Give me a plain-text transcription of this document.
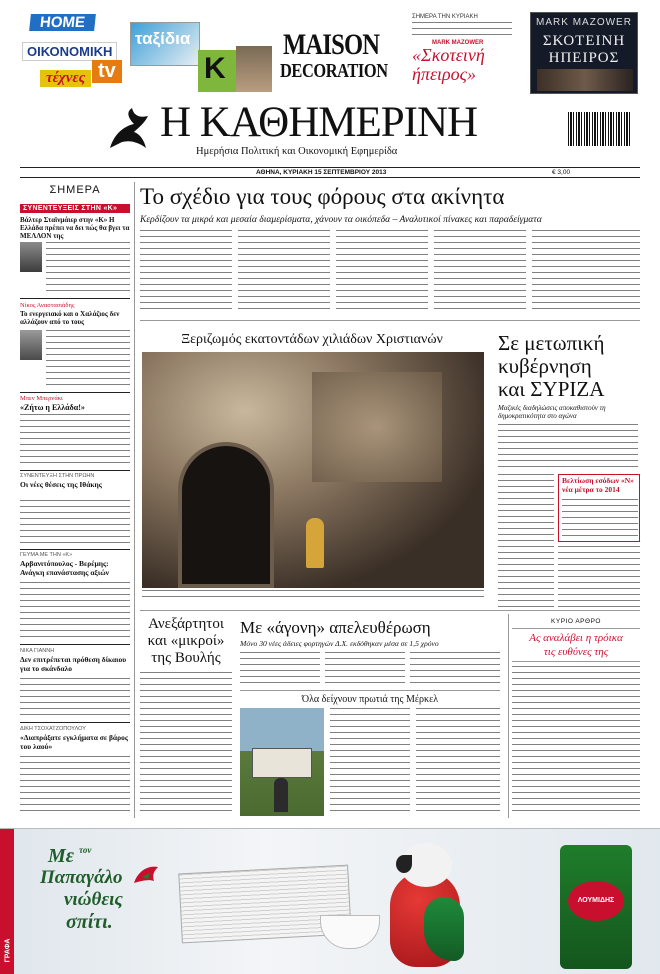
HOME
ΟΙΚΟΝΟΜΙΚΗ
τέχνες tv
ταξίδια
K
MAISON
DECORATION
ΣΗΜΕΡΑ ΤΗΝ ΚΥΡΙΑΚΗ
MARK MAZOWER
«Σκοτεινή ήπειρος»
MARK MAZOWER
ΣΚΟΤΕΙΝΗ
ΗΠΕΙΡΟΣ
Η ΚΑΘΗΜΕΡΙΝΗ
Ημερήσια Πολιτική και Οικονομική Εφημερίδα
ΑΘΗΝΑ, ΚΥΡΙΑΚΗ 15 ΣΕΠΤΕΜΒΡΙΟΥ 2013	€ 3,00
ΣΗΜΕΡΑ
ΣΥΝΕΝΤΕΥΞΕΙΣ ΣΤΗΝ «Κ»
Βάλτερ Σταϊνμάιερ στην «Κ» Η Ελλάδα πρέπει να δει πώς θα βγει τα ΜΕΛΛΟΝ της
Νίκος Αναστασιάδης
Το ενεργειακό και ο Χαλάζιος δεν αλλάζουν από το τους
Μπεν Μπερνάκι
«Ζήτω η Ελλάδα!»
ΣΥΝΕΝΤΕΥΞΗ ΣΤΗΝ ΠΡΩΗΝ
Οι νέες θέσεις της Ιθάκης
ΓΕΥΜΑ ΜΕ ΤΗΝ «Κ»
Αρβανιτόπουλος - Βερέμης: Ανάγκη επανάστασης αξιών
ΝΙΚΑ ΓΙΑΝΝΗ
Δεν επιτρέπεται πρόθεση δίκαιου για το σκάνδαλο
ΔΙΚΗ ΤΣΟΧΑΤΖΟΠΟΥΛΟΥ
«Διαπράξατε εγκλήματα σε βάρος του λαού»
Το σχέδιο για τους φόρους στα ακίνητα
Κερδίζουν τα μικρά και μεσαία διαμερίσματα, χάνουν τα οικόπεδα – Αναλυτικοί πίνακες και παραδείγματα
Ξεριζωμός εκατοντάδων χιλιάδων Χριστιανών	Σε μετωπική
κυβέρνηση
και ΣΥΡΙΖΑ
Μαζικές διαδηλώσεις αποκαθιστούν τη δημοκρατικότητα στο αγώνα
Βελτίωση εσόδων «Ν» νέα μέτρα το 2014
Ανεξάρτητοι
και «μικροί»
της Βουλής
Με «άγονη» απελευθέρωση
Μόνο 30 νέες άδειες φορτηγών Δ.Χ. εκδόθηκαν μέσα σε 1,5 χρόνο
Όλα δείχνουν πρωτιά της Μέρκελ
ΚΥΡΙΟ ΑΡΘΡΟ
Ας αναλάβει η τρόικα
τις ευθύνες της
ΓΡΑΦΑ
Με $^{\tau o\nu}$
Παπαγάλο
νιώθεις
σπίτι.
ΛΟΥΜΙΔΗΣ
